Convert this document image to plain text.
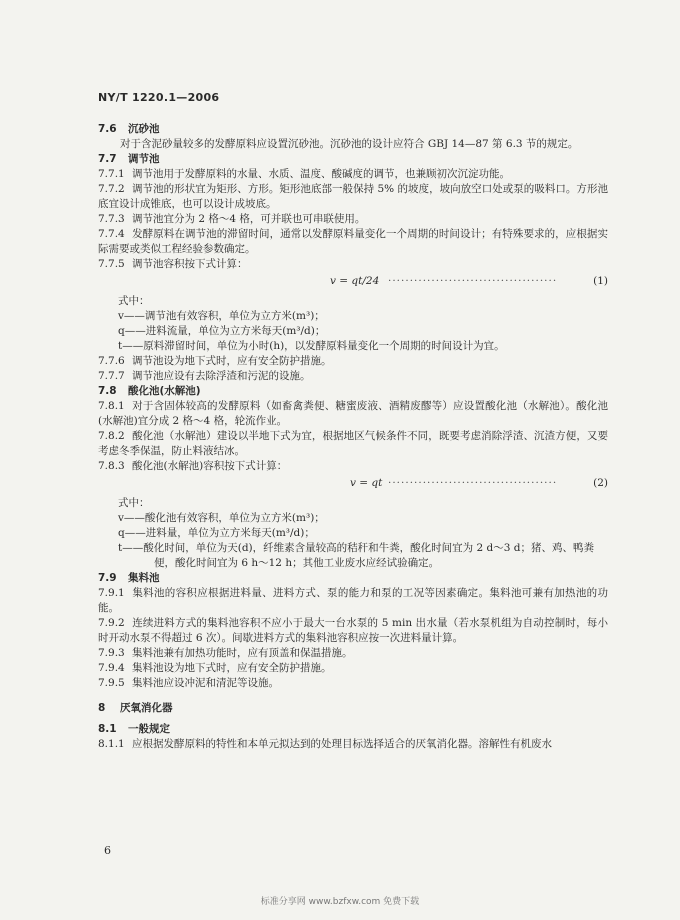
NY/T 1220.1—2006

7.6 沉砂池

对于含泥砂量较多的发酵原料应设置沉砂池。沉砂池的设计应符合 GBJ 14—87 第 6.3 节的规定。

7.7 调节池

7.7.1 调节池用于发酵原料的水量、水质、温度、酸碱度的调节，也兼顾初次沉淀功能。

7.7.2 调节池的形状宜为矩形、方形。矩形池底部一般保持 5% 的坡度，坡向放空口处或泵的吸料口。方形池底宜设计成锥底，也可以设计成坡底。

7.7.3 调节池宜分为 2 格～4 格，可并联也可串联使用。

7.7.4 发酵原料在调节池的滞留时间，通常以发酵原料量变化一个周期的时间设计；有特殊要求的，应根据实际需要或类似工程经验参数确定。

7.7.5 调节池容积按下式计算：

v = qt/24 ·······································	(1)

式中：

v——调节池有效容积，单位为立方米(m³)；

q——进料流量，单位为立方米每天(m³/d)；

t——原料滞留时间，单位为小时(h)，以发酵原料量变化一个周期的时间设计为宜。

7.7.6 调节池设为地下式时，应有安全防护措施。

7.7.7 调节池应设有去除浮渣和污泥的设施。

7.8 酸化池(水解池)

7.8.1 对于含固体较高的发酵原料（如畜禽粪便、糖蜜废液、酒精废醪等）应设置酸化池（水解池）。酸化池(水解池)宜分成 2 格～4 格，轮流作业。

7.8.2 酸化池（水解池）建设以半地下式为宜，根据地区气候条件不同，既要考虑消除浮渣、沉渣方便，又要考虑冬季保温，防止料液结冰。

7.8.3 酸化池(水解池)容积按下式计算：

v = qt ·······································	(2)

式中：

v——酸化池有效容积，单位为立方米(m³)；

q——进料量，单位为立方米每天(m³/d)；

t——酸化时间，单位为天(d)，纤维素含量较高的秸秆和牛粪，酸化时间宜为 2 d～3 d；猪、鸡、鸭粪

便，酸化时间宜为 6 h～12 h；其他工业废水应经试验确定。

7.9 集料池

7.9.1 集料池的容积应根据进料量、进料方式、泵的能力和泵的工况等因素确定。集料池可兼有加热池的功能。

7.9.2 连续进料方式的集料池容积不应小于最大一台水泵的 5 min 出水量（若水泵机组为自动控制时，每小时开动水泵不得超过 6 次）。间歇进料方式的集料池容积应按一次进料量计算。

7.9.3 集料池兼有加热功能时，应有顶盖和保温措施。

7.9.4 集料池设为地下式时，应有安全防护措施。

7.9.5 集料池应设冲泥和清泥等设施。

8 厌氧消化器

8.1 一般规定

8.1.1 应根据发酵原料的特性和本单元拟达到的处理目标选择适合的厌氧消化器。溶解性有机废水

6
标准分享网 www.bzfxw.com 免费下载
